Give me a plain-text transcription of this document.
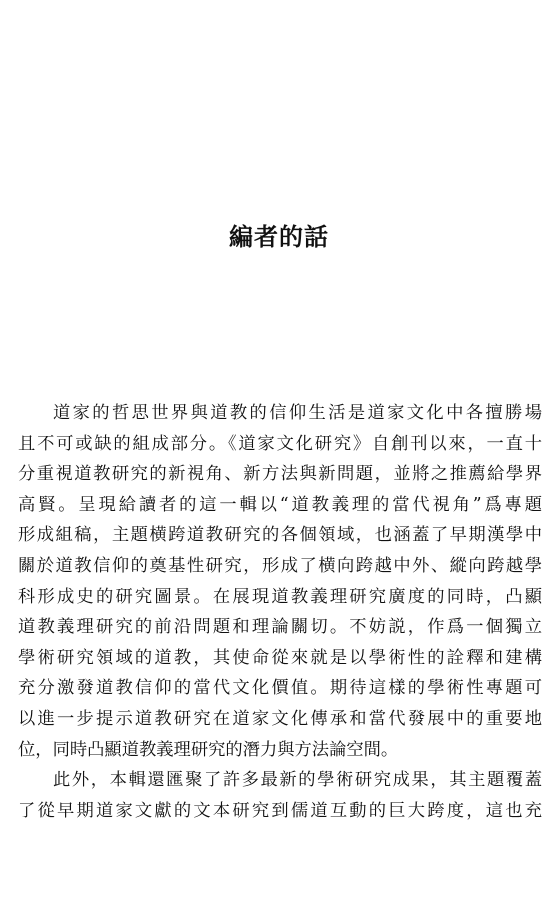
編者的話
道家的哲思世界與道教的信仰生活是道家文化中各擅勝場
且不可或缺的組成部分。《道家文化研究》自創刊以來，一直十
分重視道教研究的新視角、新方法與新問題，並將之推薦給學界
高賢。呈現給讀者的這一輯以“道教義理的當代視角”爲專題
形成組稿，主題横跨道教研究的各個領域，也涵蓋了早期漢學中
關於道教信仰的奠基性研究，形成了横向跨越中外、縱向跨越學
科形成史的研究圖景。在展現道教義理研究廣度的同時，凸顯
道教義理研究的前沿問題和理論關切。不妨説，作爲一個獨立
學術研究領域的道教，其使命從來就是以學術性的詮釋和建構
充分激發道教信仰的當代文化價值。期待這樣的學術性專題可
以進一步提示道教研究在道家文化傳承和當代發展中的重要地
位，同時凸顯道教義理研究的潛力與方法論空間。
此外，本輯還匯聚了許多最新的學術研究成果，其主題覆蓋
了從早期道家文獻的文本研究到儒道互動的巨大跨度，這也充
